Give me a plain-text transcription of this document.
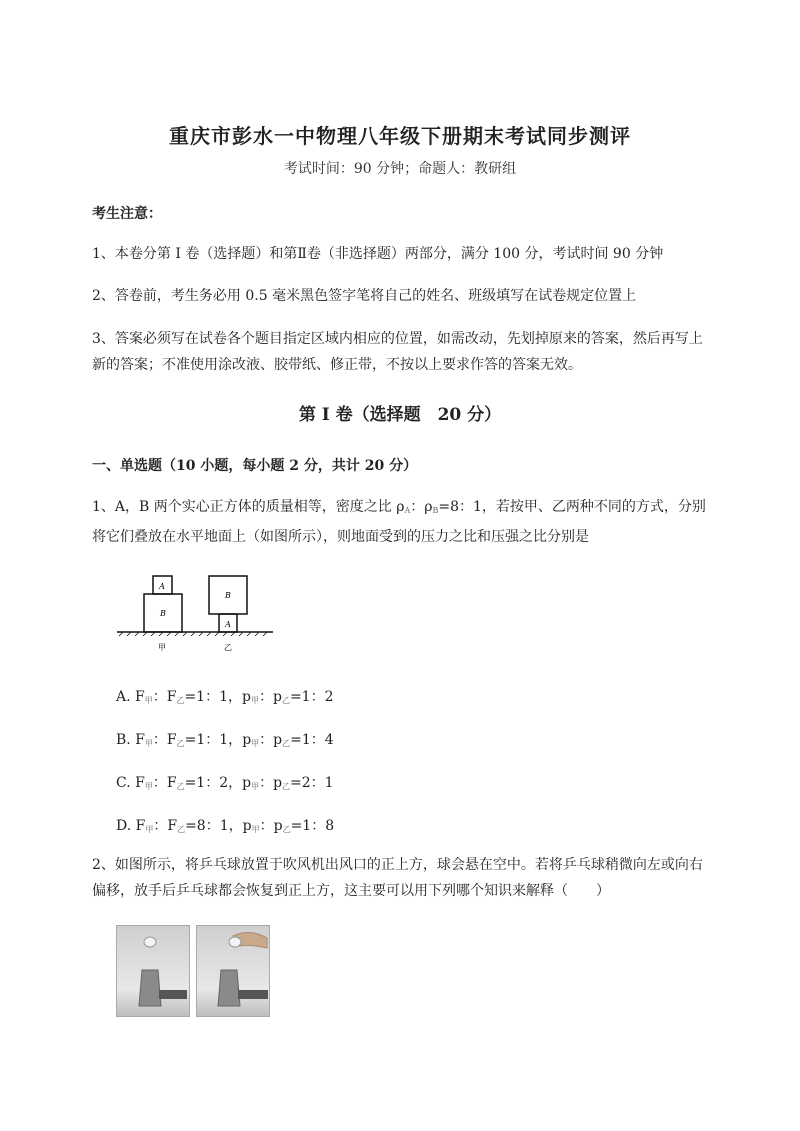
重庆市彭水一中物理八年级下册期末考试同步测评
考试时间：90 分钟；命题人：教研组
考生注意：
1、本卷分第 I 卷（选择题）和第Ⅱ卷（非选择题）两部分，满分 100 分，考试时间 90 分钟
2、答卷前，考生务必用 0.5 毫米黑色签字笔将自己的姓名、班级填写在试卷规定位置上
3、答案必须写在试卷各个题目指定区域内相应的位置，如需改动，先划掉原来的答案，然后再写上新的答案；不准使用涂改液、胶带纸、修正带，不按以上要求作答的答案无效。
第 I 卷（选择题　20 分）
一、单选题（10 小题，每小题 2 分，共计 20 分）
1、A，B 两个实心正方体的质量相等，密度之比 $\rho_A$：$\rho_B=8$：1，若按甲、乙两种不同的方式，分别将它们叠放在水平地面上（如图所示），则地面受到的压力之比和压强之比分别是
A
B
B
A
甲	乙
A. $F_甲$：$F_乙=1$：1，$p_甲$：$p_乙=1$：2
B. $F_甲$：$F_乙=1$：1，$p_甲$：$p_乙=1$：4
C. $F_甲$：$F_乙=1$：2，$p_甲$：$p_乙=2$：1
D. $F_甲$：$F_乙=8$：1，$p_甲$：$p_乙=1$：8
2、如图所示，将乒乓球放置于吹风机出风口的正上方，球会悬在空中。若将乒乓球稍微向左或向右偏移，放手后乒乓球都会恢复到正上方，这主要可以用下列哪个知识来解释（　　）
